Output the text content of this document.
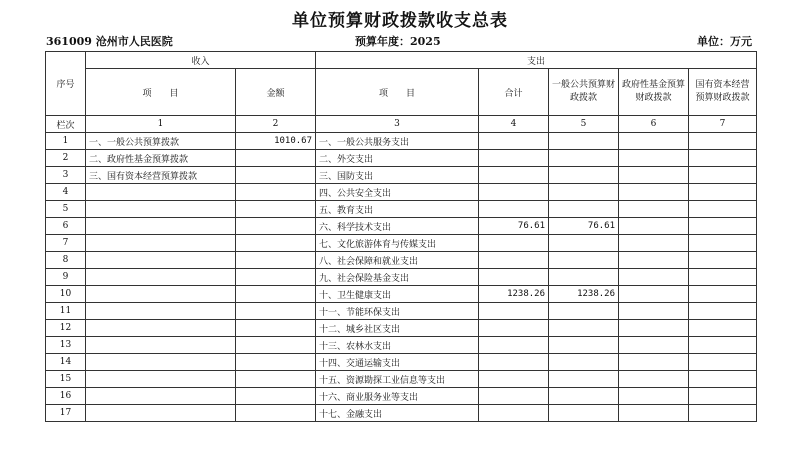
单位预算财政拨款收支总表
361009 沧州市人民医院	预算年度：2025	单位：万元
序号	收入		支出				
	项　　目	金额	项　　目	合计	一般公共预算财政拨款	政府性基金预算财政拨款	国有资本经营预算财政拨款
栏次	1	2	3	4	5	6	7
1	一、一般公共预算拨款	1010.67	一、一般公共服务支出				
2	二、政府性基金预算拨款		二、外交支出				
3	三、国有资本经营预算拨款		三、国防支出				
4			四、公共安全支出				
5			五、教育支出				
6			六、科学技术支出	76.61	76.61		
7			七、文化旅游体育与传媒支出				
8			八、社会保障和就业支出				
9			九、社会保险基金支出				
10			十、卫生健康支出	1238.26	1238.26		
11			十一、节能环保支出				
12			十二、城乡社区支出				
13			十三、农林水支出				
14			十四、交通运输支出				
15			十五、资源勘探工业信息等支出				
16			十六、商业服务业等支出				
17			十七、金融支出				
